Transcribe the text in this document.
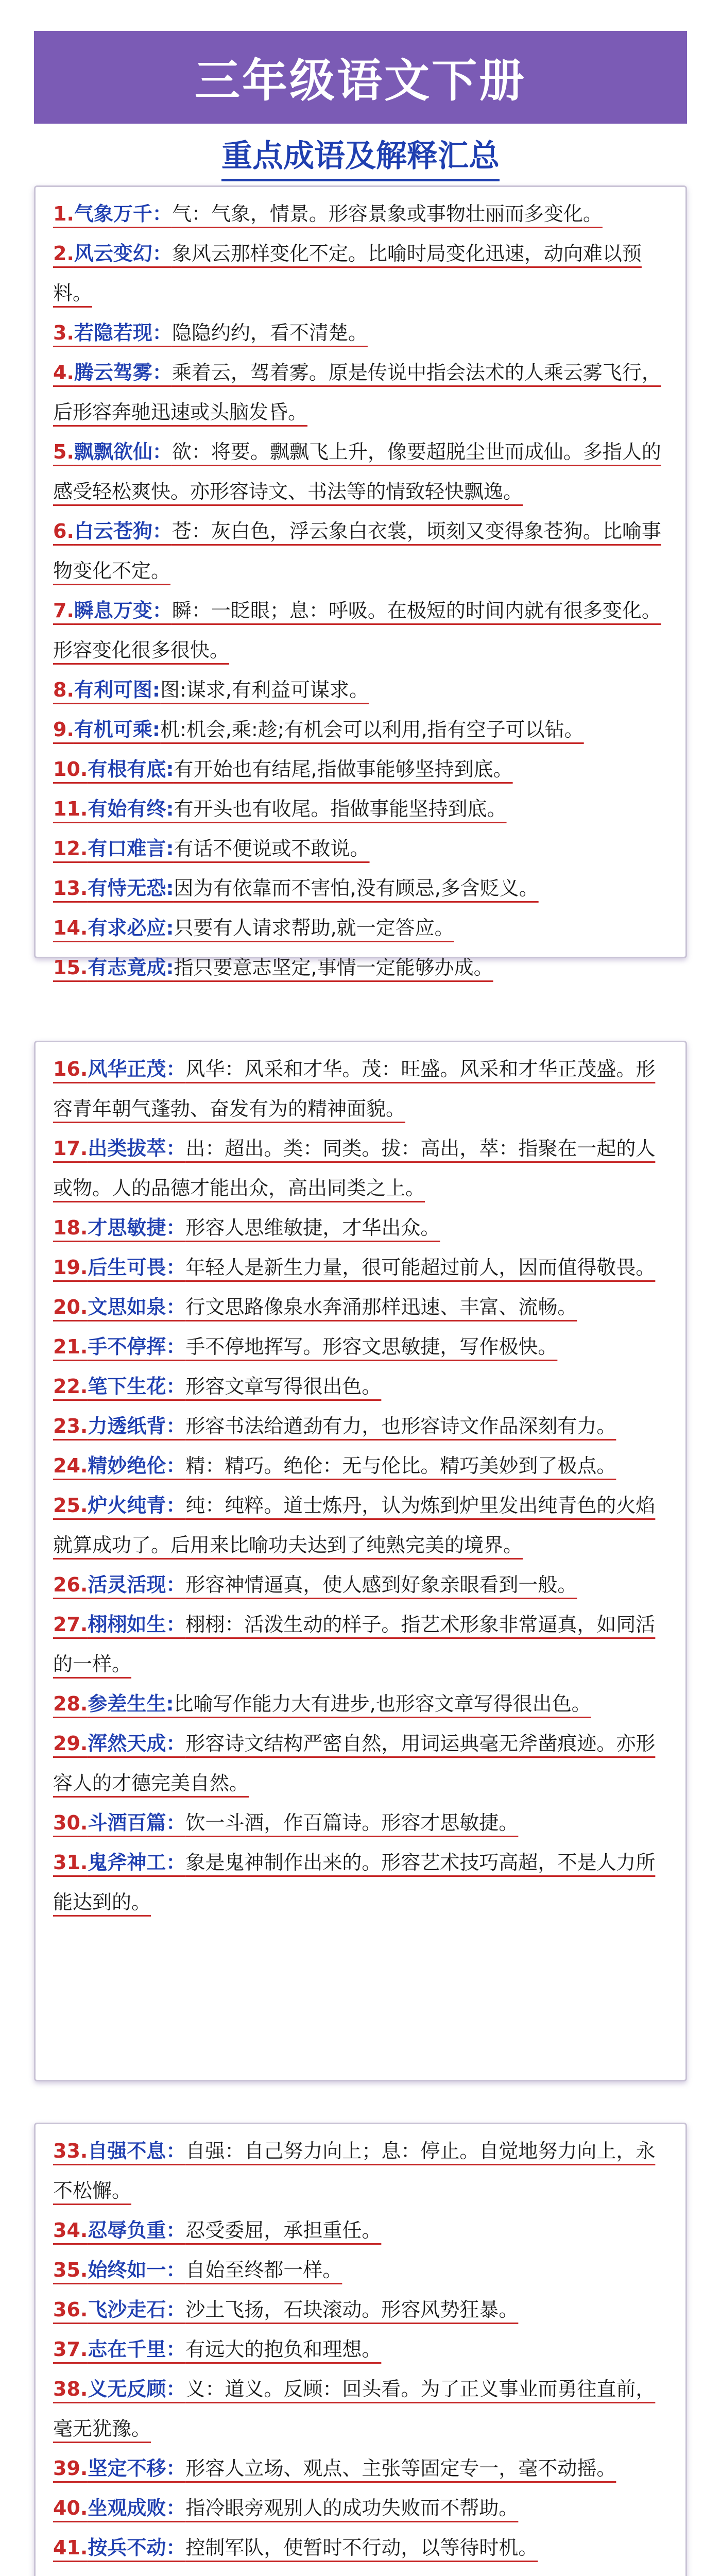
三年级语文下册
重点成语及解释汇总
1.气象万千：气：气象，情景。形容景象或事物壮丽而多变化。
2.风云变幻：象风云那样变化不定。比喻时局变化迅速，动向难以预料。
3.若隐若现：隐隐约约，看不清楚。
4.腾云驾雾：乘着云，驾着雾。原是传说中指会法术的人乘云雾飞行，后形容奔驰迅速或头脑发昏。
5.飘飘欲仙：欲：将要。飘飘飞上升，像要超脱尘世而成仙。多指人的感受轻松爽快。亦形容诗文、书法等的情致轻快飘逸。
6.白云苍狗：苍：灰白色，浮云象白衣裳，顷刻又变得象苍狗。比喻事物变化不定。
7.瞬息万变：瞬：一眨眼；息：呼吸。在极短的时间内就有很多变化。形容变化很多很快。
8.有利可图:图:谋求,有利益可谋求。
9.有机可乘:机:机会,乘:趁;有机会可以利用,指有空子可以钻。
10.有根有底:有开始也有结尾,指做事能够坚持到底。
11.有始有终:有开头也有收尾。指做事能坚持到底。
12.有口难言:有话不便说或不敢说。
13.有恃无恐:因为有依靠而不害怕,没有顾忌,多含贬义。
14.有求必应:只要有人请求帮助,就一定答应。
15.有志竟成:指只要意志坚定,事情一定能够办成。
16.风华正茂：风华：风采和才华。茂：旺盛。风采和才华正茂盛。形容青年朝气蓬勃、奋发有为的精神面貌。
17.出类拔萃：出：超出。类：同类。拔：高出，萃：指聚在一起的人或物。人的品德才能出众，高出同类之上。
18.才思敏捷：形容人思维敏捷，才华出众。
19.后生可畏：年轻人是新生力量，很可能超过前人，因而值得敬畏。
20.文思如泉：行文思路像泉水奔涌那样迅速、丰富、流畅。
21.手不停挥：手不停地挥写。形容文思敏捷，写作极快。
22.笔下生花：形容文章写得很出色。
23.力透纸背：形容书法给遒劲有力，也形容诗文作品深刻有力。
24.精妙绝伦：精：精巧。绝伦：无与伦比。精巧美妙到了极点。
25.炉火纯青：纯：纯粹。道士炼丹，认为炼到炉里发出纯青色的火焰就算成功了。后用来比喻功夫达到了纯熟完美的境界。
26.活灵活现：形容神情逼真，使人感到好象亲眼看到一般。
27.栩栩如生：栩栩：活泼生动的样子。指艺术形象非常逼真，如同活的一样。
28.参差生生:比喻写作能力大有进步,也形容文章写得很出色。
29.浑然天成：形容诗文结构严密自然，用词运典毫无斧凿痕迹。亦形容人的才德完美自然。
30.斗酒百篇：饮一斗酒，作百篇诗。形容才思敏捷。
31.鬼斧神工：象是鬼神制作出来的。形容艺术技巧高超，不是人力所能达到的。
33.自强不息：自强：自己努力向上；息：停止。自觉地努力向上，永不松懈。
34.忍辱负重：忍受委屈，承担重任。
35.始终如一：自始至终都一样。
36.飞沙走石：沙土飞扬，石块滚动。形容风势狂暴。
37.志在千里：有远大的抱负和理想。
38.义无反顾：义：道义。反顾：回头看。为了正义事业而勇往直前，毫无犹豫。
39.坚定不移：形容人立场、观点、主张等固定专一，毫不动摇。
40.坐观成败：指冷眼旁观别人的成功失败而不帮助。
41.按兵不动：控制军队，使暂时不行动，以等待时机。
